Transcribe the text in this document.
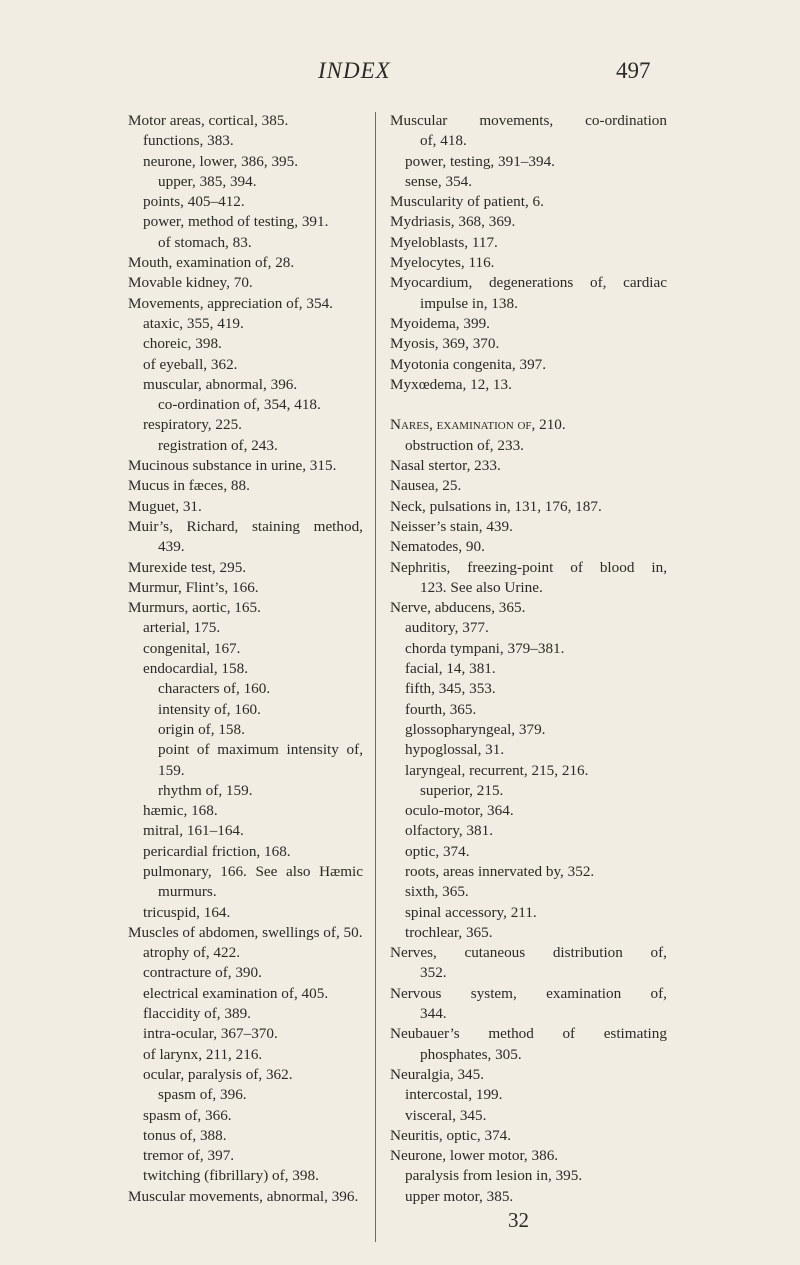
INDEX	497
Motor areas, cortical, 385.
functions, 383.
neurone, lower, 386, 395.
upper, 385, 394.
points, 405–412.
power, method of testing, 391.
of stomach, 83.
Mouth, examination of, 28.
Movable kidney, 70.
Movements, appreciation of, 354.
ataxic, 355, 419.
choreic, 398.
of eyeball, 362.
muscular, abnormal, 396.
co-ordination of, 354, 418.
respiratory, 225.
registration of, 243.
Mucinous substance in urine, 315.
Mucus in fæces, 88.
Muguet, 31.
Muir’s, Richard, staining method,
439.
Murexide test, 295.
Murmur, Flint’s, 166.
Murmurs, aortic, 165.
arterial, 175.
congenital, 167.
endocardial, 158.
characters of, 160.
intensity of, 160.
origin of, 158.
point of maximum intensity of,
159.
rhythm of, 159.
hæmic, 168.
mitral, 161–164.
pericardial friction, 168.
pulmonary, 166. See also Hæmic
murmurs.
tricuspid, 164.
Muscles of abdomen, swellings of, 50.
atrophy of, 422.
contracture of, 390.
electrical examination of, 405.
flaccidity of, 389.
intra-ocular, 367–370.
of larynx, 211, 216.
ocular, paralysis of, 362.
spasm of, 396.
spasm of, 366.
tonus of, 388.
tremor of, 397.
twitching (fibrillary) of, 398.
Muscular movements, abnormal, 396.
Muscular movements, co-ordination
of, 418.
power, testing, 391–394.
sense, 354.
Muscularity of patient, 6.
Mydriasis, 368, 369.
Myeloblasts, 117.
Myelocytes, 116.
Myocardium, degenerations of, cardiac
impulse in, 138.
Myoidema, 399.
Myosis, 369, 370.
Myotonia congenita, 397.
Myxœdema, 12, 13.

Nares, examination of, 210.
obstruction of, 233.
Nasal stertor, 233.
Nausea, 25.
Neck, pulsations in, 131, 176, 187.
Neisser’s stain, 439.
Nematodes, 90.
Nephritis, freezing-point of blood in,
123. See also Urine.
Nerve, abducens, 365.
auditory, 377.
chorda tympani, 379–381.
facial, 14, 381.
fifth, 345, 353.
fourth, 365.
glossopharyngeal, 379.
hypoglossal, 31.
laryngeal, recurrent, 215, 216.
superior, 215.
oculo-motor, 364.
olfactory, 381.
optic, 374.
roots, areas innervated by, 352.
sixth, 365.
spinal accessory, 211.
trochlear, 365.
Nerves, cutaneous distribution of,
352.
Nervous system, examination of,
344.
Neubauer’s method of estimating
phosphates, 305.
Neuralgia, 345.
intercostal, 199.
visceral, 345.
Neuritis, optic, 374.
Neurone, lower motor, 386.
paralysis from lesion in, 395.
upper motor, 385.
32
